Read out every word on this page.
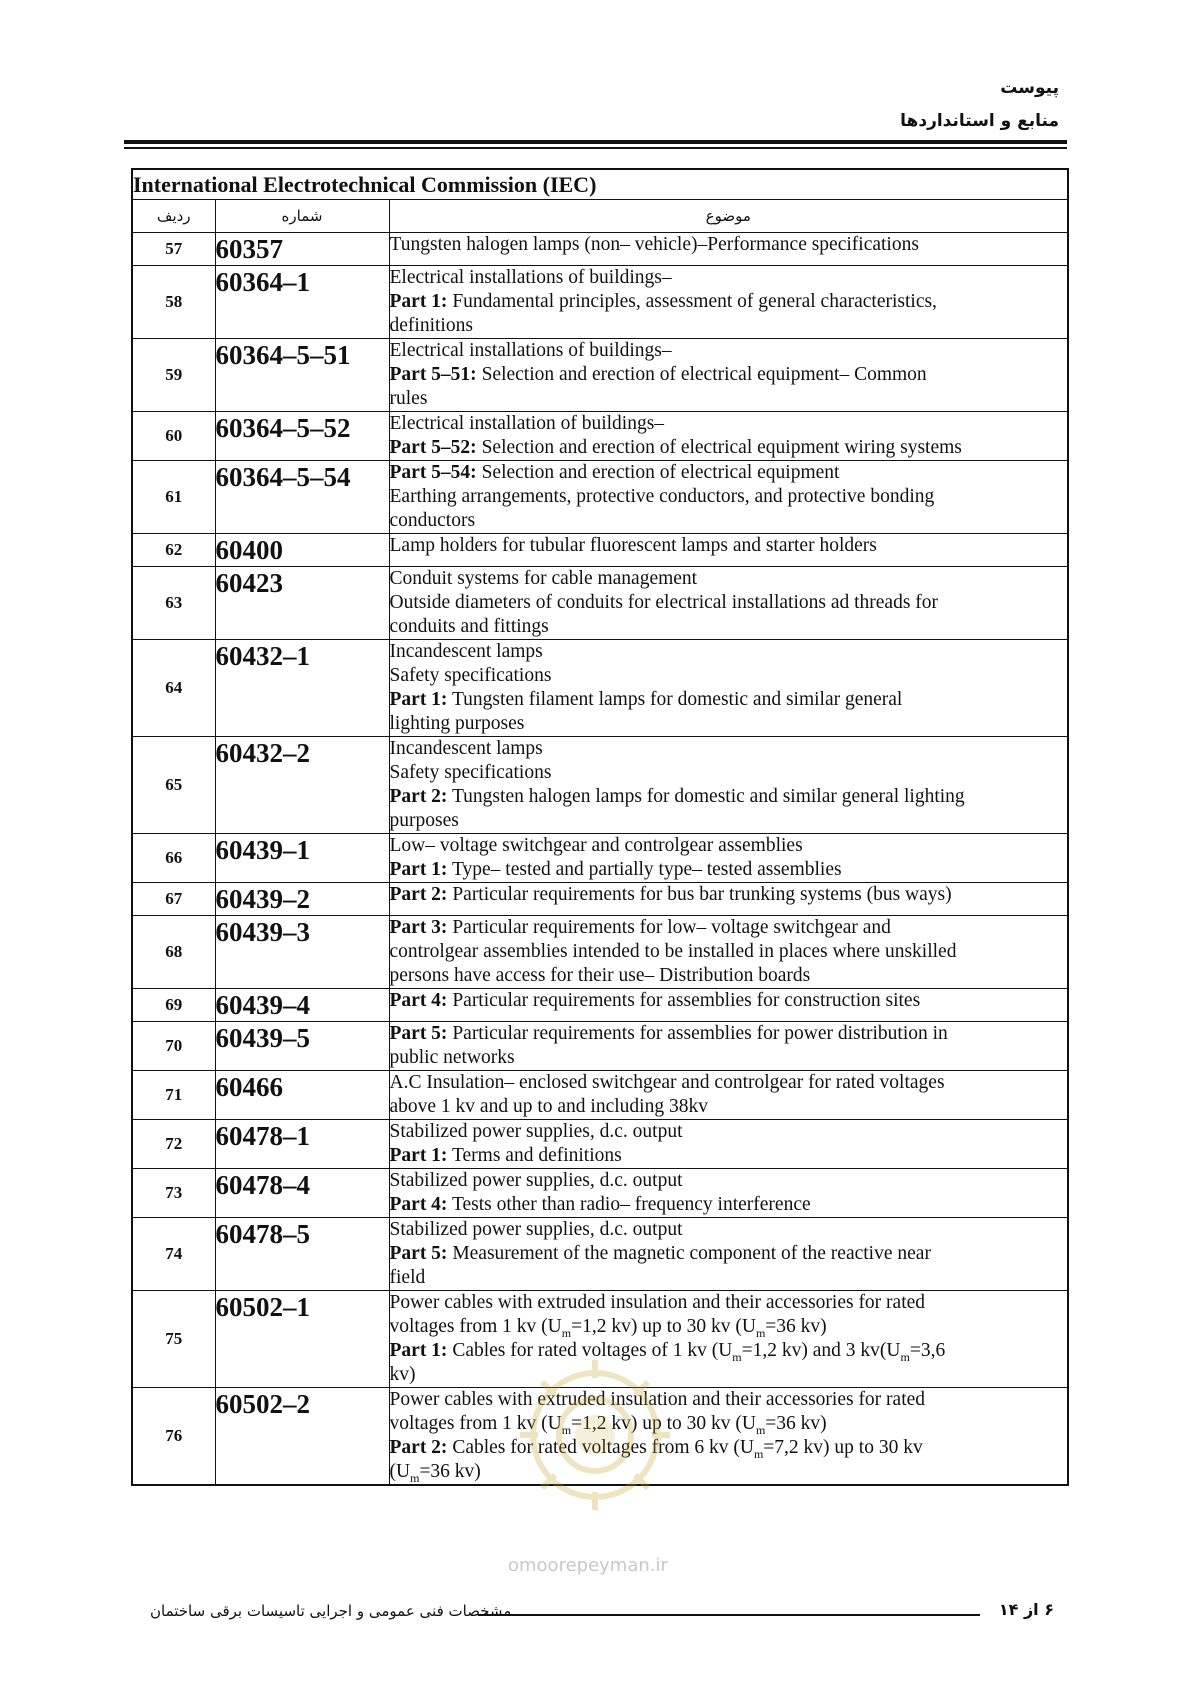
پیوست
منابع و استانداردها
International Electrotechnical Commission (IEC)		
ردیف	شماره	موضوع
57	60357	Tungsten halogen lamps (non– vehicle)–Performance specifications

58	60364–1	Electrical installations of buildings–
Part 1: Fundamental principles, assessment of general characteristics,
definitions

59	60364–5–51	Electrical installations of buildings–
Part 5–51: Selection and erection of electrical equipment– Common
rules

60	60364–5–52	Electrical installation of buildings–
Part 5–52: Selection and erection of electrical equipment wiring systems

61	60364–5–54	Part 5–54: Selection and erection of electrical equipment
Earthing arrangements, protective conductors, and protective bonding
conductors

62	60400	Lamp holders for tubular fluorescent lamps and starter holders

63	60423	Conduit systems for cable management
Outside diameters of conduits for electrical installations ad threads for
conduits and fittings

64	60432–1	Incandescent lamps
Safety specifications
Part 1: Tungsten filament lamps for domestic and similar general
lighting purposes

65	60432–2	Incandescent lamps
Safety specifications
Part 2: Tungsten halogen lamps for domestic and similar general lighting
purposes

66	60439–1	Low– voltage switchgear and controlgear assemblies
Part 1: Type– tested and partially type– tested assemblies

67	60439–2	Part 2: Particular requirements for bus bar trunking systems (bus ways)

68	60439–3	Part 3: Particular requirements for low– voltage switchgear and
controlgear assemblies intended to be installed in places where unskilled
persons have access for their use– Distribution boards

69	60439–4	Part 4: Particular requirements for assemblies for construction sites

70	60439–5	Part 5: Particular requirements for assemblies for power distribution in
public networks

71	60466	A.C Insulation– enclosed switchgear and controlgear for rated voltages
above 1 kv and up to and including 38kv

72	60478–1	Stabilized power supplies, d.c. output
Part 1: Terms and definitions

73	60478–4	Stabilized power supplies, d.c. output
Part 4: Tests other than radio– frequency interference

74	60478–5	Stabilized power supplies, d.c. output
Part 5: Measurement of the magnetic component of the reactive near
field

75	60502–1	Power cables with extruded insulation and their accessories for rated
voltages from 1 kv ($U_m=1,2$ kv) up to 30 kv ($U_m=36$ kv)
Part 1: Cables for rated voltages of 1 kv ($U_m=1,2$ kv) and 3 $kv(U_m=3,6$
kv)

76	60502–2	Power cables with extruded insulation and their accessories for rated
voltages from 1 kv ($U_m=1,2$ kv) up to 30 kv ($U_m=36$ kv)
Part 2: Cables for rated voltages from 6 kv ($U_m=7,2$ kv) up to 30 kv
($U_m=36$ kv)
omoorepeyman.ir
مشخصات فنی عمومی و اجرایی تاسیسات برقی ساختمان	۶ از ۱۴
